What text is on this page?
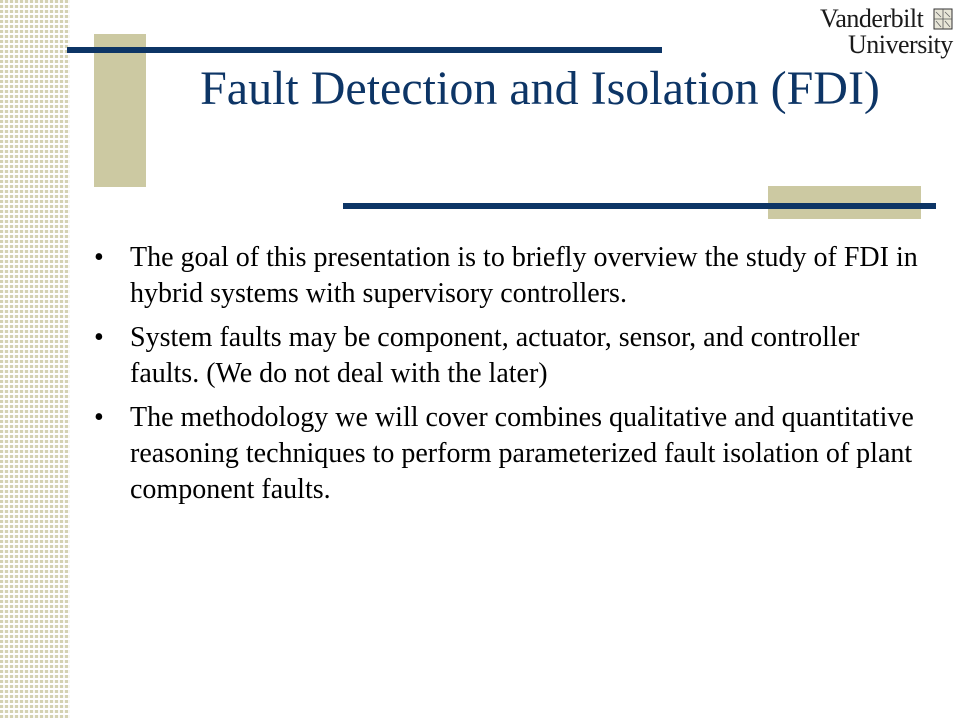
Vanderbilt
University
Fault Detection and Isolation (FDI)
• The goal of this presentation is to briefly overview the study of FDI in hybrid systems with supervisory controllers.
• System faults may be component, actuator, sensor, and controller faults. (We do not deal with the later)
• The methodology we will cover combines qualitative and quantitative reasoning techniques to perform parameterized fault isolation of plant component faults.
